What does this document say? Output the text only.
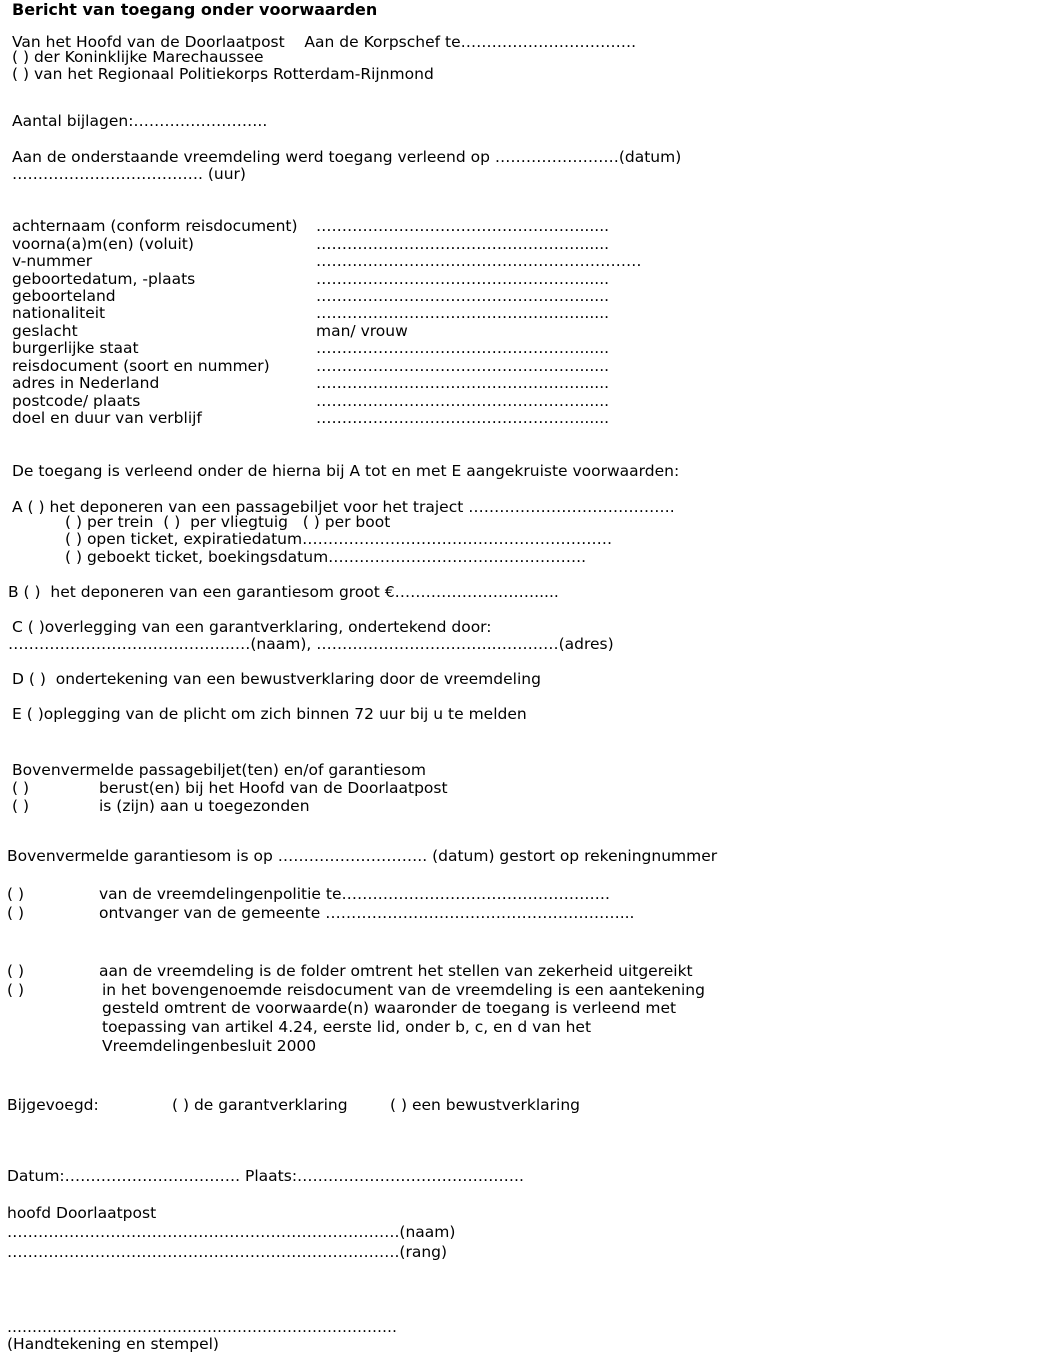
Bericht van toegang onder voorwaarden
Van het Hoofd van de Doorlaatpost    Aan de Korpschef te…………………………….
( ) der Koninklijke Marechaussee
( ) van het Regionaal Politiekorps Rotterdam-Rijnmond
Aantal bijlagen:……………………..
Aan de onderstaande vreemdeling werd toegang verleend op ……………………(datum)
………………………………. (uur)
achternaam (conform reisdocument) ……………………………………………......
voorna(a)m(en) (voluit)	……………………………………………......
v-nummer	………………………………………………………
geboortedatum, -plaats	……………………………………………......
geboorteland	……………………………………………......
nationaliteit	……………………………………………......
geslacht	man/ vrouw
burgerlijke staat	……………………………………………......
reisdocument (soort en nummer)	……………………………………………......
adres in Nederland	……………………………………………......
postcode/ plaats	……………………………………………......
doel en duur van verblijf	……………………………………………......
De toegang is verleend onder de hierna bij A tot en met E aangekruiste voorwaarden:
A ( ) het deponeren van een passagebiljet voor het traject ………………………………….
( ) per trein  ( )  per vliegtuig   ( ) per boot
( ) open ticket, expiratiedatum……………………………………………………
( ) geboekt ticket, boekingsdatum…………………………………………..
B ( )  het deponeren van een garantiesom groot €……………………….....
C ( )overlegging van een garantverklaring, ondertekend door:
……………………………………..…(naam), ……………………………..…………(adres)
D ( )  ondertekening van een bewustverklaring door de vreemdeling
E ( )oplegging van de plicht om zich binnen 72 uur bij u te melden
Bovenvermelde passagebiljet(ten) en/of garantiesom
( )	berust(en) bij het Hoofd van de Doorlaatpost
( )	is (zijn) aan u toegezonden
Bovenvermelde garantiesom is op ……………………….. (datum) gestort op rekeningnummer
( )	van de vreemdelingenpolitie te…………………………………………….
( )	ontvanger van de gemeente …………………………………………………...
( )	aan de vreemdeling is de folder omtrent het stellen van zekerheid uitgereikt
( )	in het bovengenoemde reisdocument van de vreemdeling is een aantekening
gesteld omtrent de voorwaarde(n) waaronder de toegang is verleend met
toepassing van artikel 4.24, eerste lid, onder b, c, en d van het
Vreemdelingenbesluit 2000
Bijgevoegd:	( ) de garantverklaring	( ) een bewustverklaring
Datum:……………………………. Plaats:……………………………………..
hoofd Doorlaatpost
………………………………………………………………….(naam)
………………………………………………………………….(rang)
……………………………………………………………………
(Handtekening en stempel)
